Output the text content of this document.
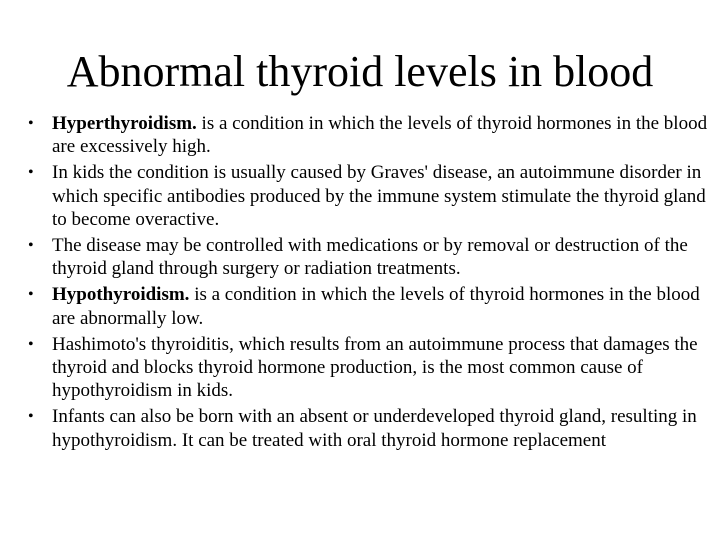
Abnormal thyroid levels in blood
• Hyperthyroidism. is a condition in which the levels of thyroid hormones in the blood are excessively high.
• In kids the condition is usually caused by Graves' disease, an autoimmune disorder in which specific antibodies produced by the immune system stimulate the thyroid gland to become overactive.
• The disease may be controlled with medications or by removal or destruction of the thyroid gland through surgery or radiation treatments.
• Hypothyroidism. is a condition in which the levels of thyroid hormones in the blood are abnormally low.
• Hashimoto's thyroiditis, which results from an autoimmune process that damages the thyroid and blocks thyroid hormone production, is the most common cause of hypothyroidism in kids.
• Infants can also be born with an absent or underdeveloped thyroid gland, resulting in hypothyroidism. It can be treated with oral thyroid hormone replacement
